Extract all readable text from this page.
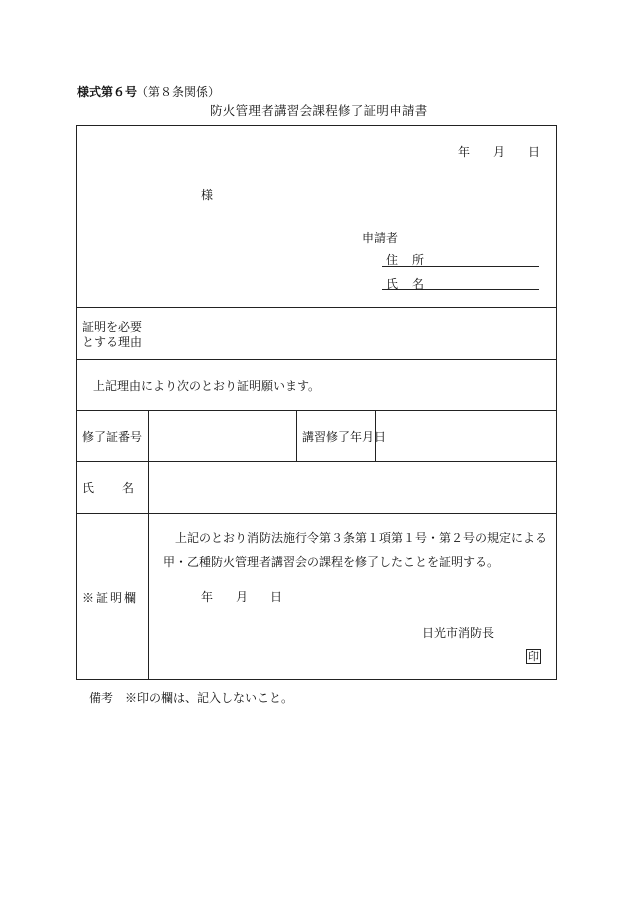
様式第６号
（第８条関係）
防火管理者講習会課程修了証明申請書
年 月 日
様
申請者
住所
氏名
証明を必要
とする理由
上記理由により次のとおり証明願います。
修了証番号	講習修了年月日
氏名
上記のとおり消防法施行令第３条第１項第１号・第２号の規定による
甲・乙種防火管理者講習会の課程を修了したことを証明する。
※証明欄	年 月 日
日光市消防長
印
備考　※印の欄は、記入しないこと。
